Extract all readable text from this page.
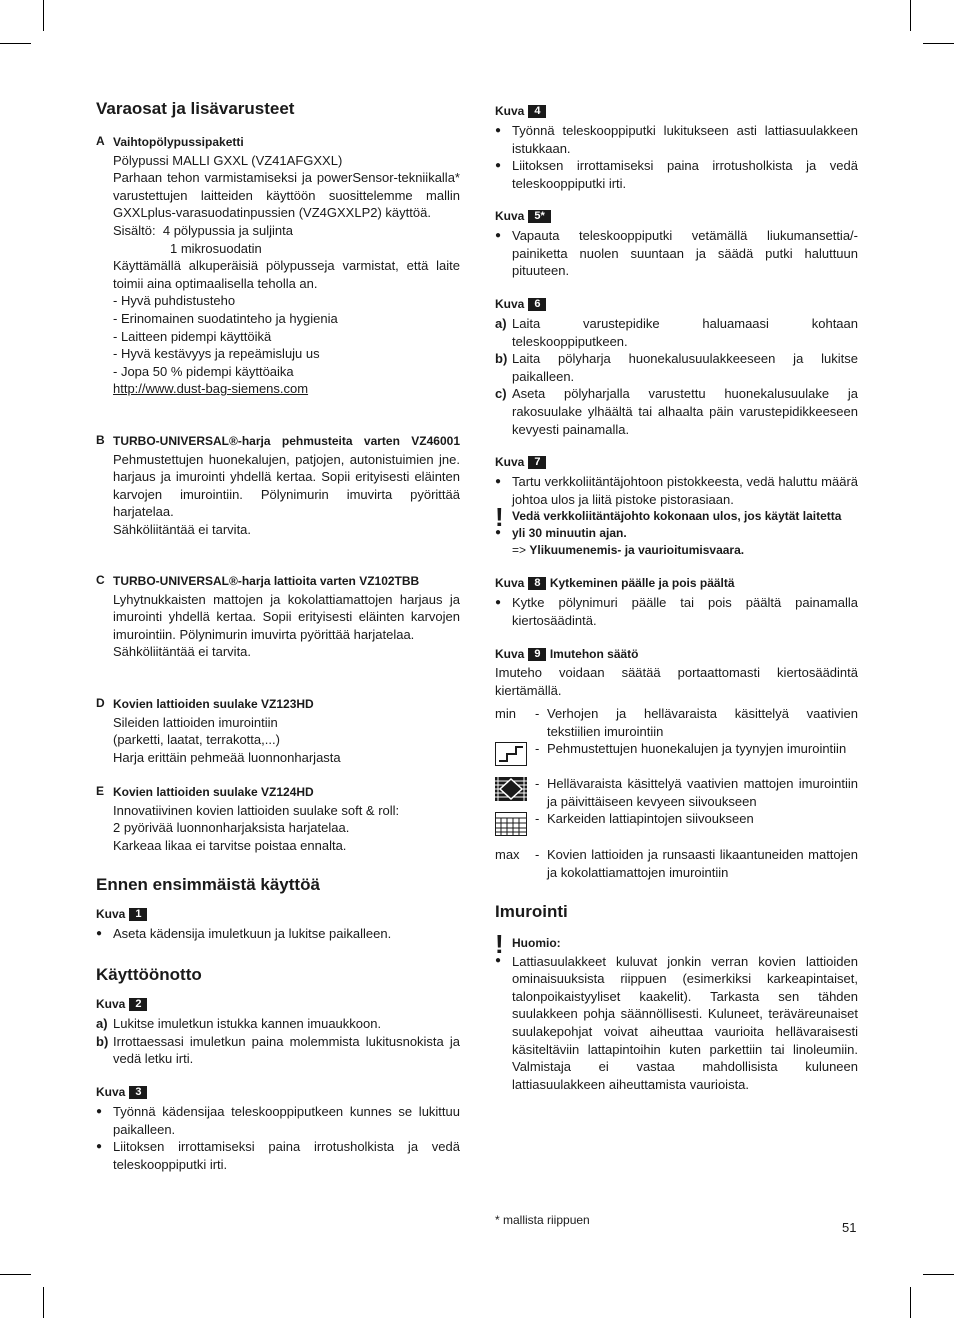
Varaosat ja lisävarusteet
A Vaihtopölypussipaketti
Pölypussi MALLI GXXL (VZ41AFGXXL)
Parhaan tehon varmistamiseksi ja powerSensor-tekniikalla* varustettujen laitteiden käyttöön suosittelemme mallin GXXLplus-varasuodatinpussien (VZ4GXXLP2) käyttöä.
Sisältö:  4 pölypussia ja suljinta
1 mikrosuodatin
Käyttämällä alkuperäisiä pölypusseja varmistat, että laite toimii aina optimaalisella teholla an.
- Hyvä puhdistusteho
- Erinomainen suodatinteho ja hygienia
- Laitteen pidempi käyttöikä
- Hyvä kestävyys ja repeämisluju us
- Jopa 50 % pidempi käyttöaika
http://www.dust-bag-siemens.com
B TURBO-UNIVERSAL®-harja pehmusteita varten VZ46001
Pehmustettujen huonekalujen, patjojen, autonistuimien jne. harjaus ja imurointi yhdellä kertaa. Sopii erityisesti eläinten karvojen imurointiin. Pölynimurin imuvirta pyörittää harjatelaa.
Sähköliitäntää ei tarvita.
C TURBO-UNIVERSAL®-harja lattioita varten VZ102TBB
Lyhytnukkaisten mattojen ja kokolattiamattojen harjaus ja imurointi yhdellä kertaa. Sopii erityisesti eläinten karvojen imurointiin. Pölynimurin imuvirta pyörittää harjatelaa.
Sähköliitäntää ei tarvita.
D Kovien lattioiden suulake VZ123HD
Sileiden lattioiden imurointiin
(parketti, laatat, terrakotta,...)
Harja erittäin pehmeää luonnonharjasta
E Kovien lattioiden suulake VZ124HD
Innovatiivinen kovien lattioiden suulake soft & roll:
2 pyörivää luonnonharjaksista harjatelaa.
Karkeaa likaa ei tarvitse poistaa ennalta.
Ennen ensimmäistä käyttöä
Kuva 1
● Aseta kädensija imuletkuun ja lukitse paikalleen.
Käyttöönotto
Kuva 2
a) Lukitse imuletkun istukka kannen imuaukkoon.
b) Irrottaessasi imuletkun paina molemmista lukitusnokista ja vedä letku irti.
Kuva 3
● Työnnä kädensijaa teleskooppiputkeen kunnes se lukittuu paikalleen.
● Liitoksen irrottamiseksi paina irrotusholkista ja vedä teleskooppiputki irti.
Kuva 4
● Työnnä teleskooppiputki lukitukseen asti lattiasuulakkeen istukkaan.
● Liitoksen irrottamiseksi paina irrotusholkista ja vedä teleskooppiputki irti.
Kuva 5*
● Vapauta teleskooppiputki vetämällä liukumansettia/-painiketta nuolen suuntaan ja säädä putki haluttuun pituuteen.
Kuva 6
a) Laita varustepidike haluamaasi kohtaan teleskooppiputkeen.
b) Laita pölyharja huonekalusuulakkeeseen ja lukitse paikalleen.
c) Aseta pölyharjalla varustettu huonekalusuulake ja rakosuulake ylhäältä tai alhaalta päin varustepidikkeeseen kevyesti painamalla.
Kuva 7
● Tartu verkkoliitäntäjohtoon pistokkeesta, vedä haluttu määrä johtoa ulos ja liitä pistoke pistorasiaan.
● ! Vedä verkkoliitäntäjohto kokonaan ulos, jos käytät laitetta yli 30 minuutin ajan.
=> Ylikuumenemis- ja vaurioitumisvaara.
Kuva 8 Kytkeminen päälle ja pois päältä
● Kytke pölynimuri päälle tai pois päältä painamalla kiertosäädintä.
Kuva 9 Imutehon säätö
Imuteho voidaan säätää portaattomasti kiertosäädintä kiertämällä.
min - Verhojen ja hellävaraista käsittelyä vaativien tekstiilien imurointiin
- Pehmustettujen huonekalujen ja tyynyjen imurointiin
- Hellävaraista käsittelyä vaativien mattojen imurointiin ja päivittäiseen kevyeen siivoukseen
- Karkeiden lattiapintojen siivoukseen
max - Kovien lattioiden ja runsaasti likaantuneiden mattojen ja kokolattiamattojen imurointiin
Imurointi
● ! Huomio:
Lattiasuulakkeet kuluvat jonkin verran kovien lattioiden ominaisuuksista riippuen (esimerkiksi karkeapintaiset, talonpoikaistyyliset kaakelit). Tarkasta sen tähden suulakkeen pohja säännöllisesti. Kuluneet, teräväreunaiset suulakepohjat voivat aiheuttaa vaurioita hellävaraisesti käsiteltäviin lattapintoihin kuten parkettiin tai linoleumiin. Valmistaja ei vastaa mahdollisista kuluneen lattiasuulakkeen aiheuttamista vaurioista.
* mallista riippuen	51
